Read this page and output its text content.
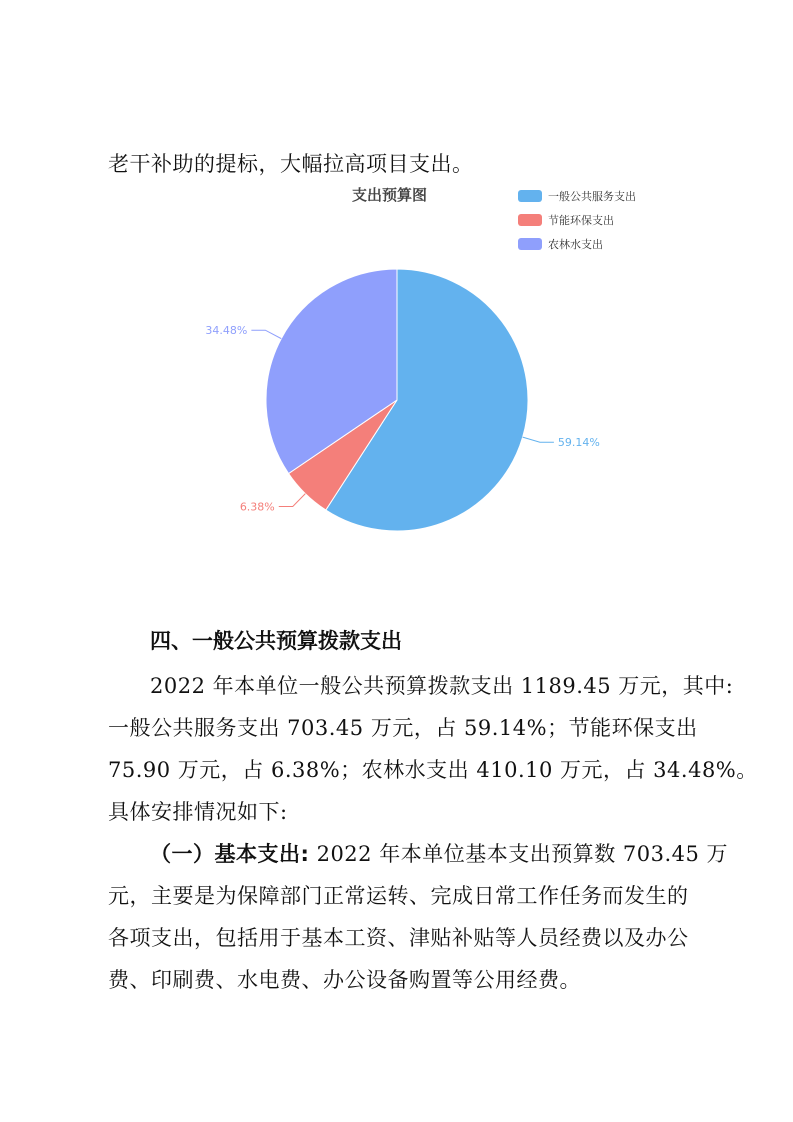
老干补助的提标，大幅拉高项目支出。
支出预算图	一般公共服务支出
节能环保支出
农林水支出
59.14%
6.38%
34.48%
四、一般公共预算拨款支出
2022 年本单位一般公共预算拨款支出 1189.45 万元，其中:
一般公共服务支出 703.45 万元，占 59.14%；节能环保支出
75.90 万元，占 6.38%；农林水支出 410.10 万元，占 34.48%。
具体安排情况如下:
（一）基本支出: 2022 年本单位基本支出预算数 703.45 万
元，主要是为保障部门正常运转、完成日常工作任务而发生的
各项支出，包括用于基本工资、津贴补贴等人员经费以及办公
费、印刷费、水电费、办公设备购置等公用经费。
